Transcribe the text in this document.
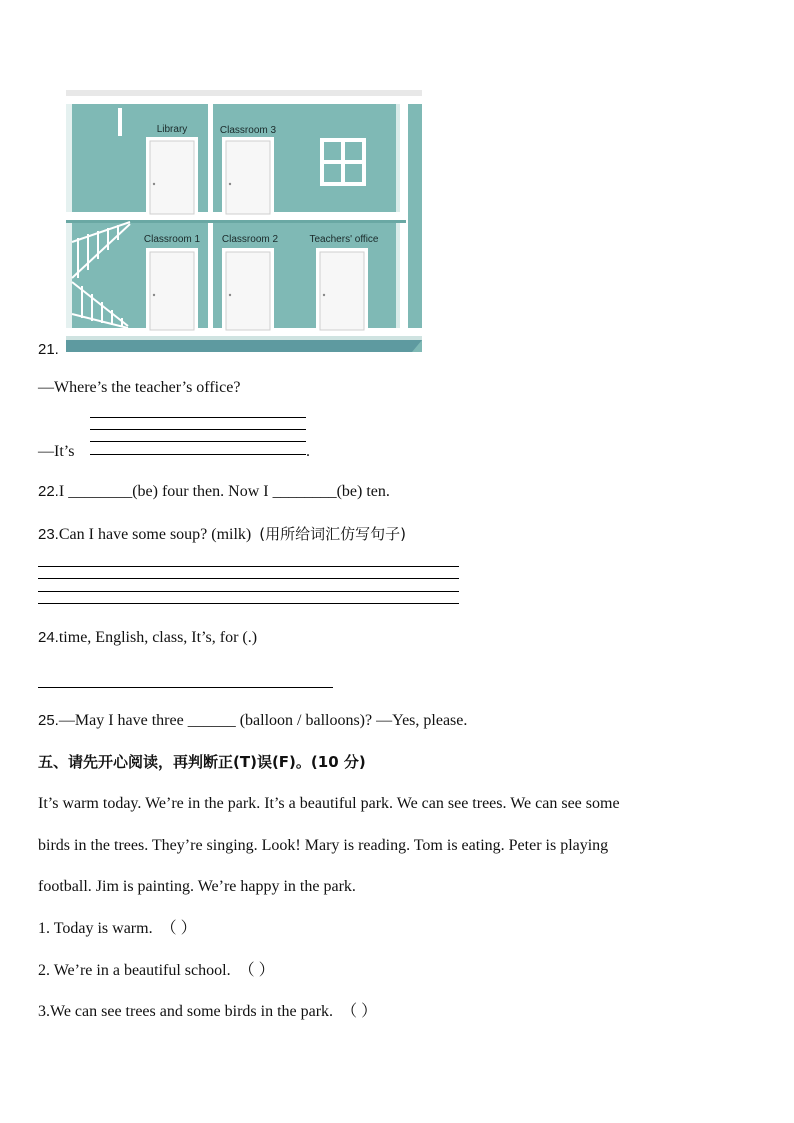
Library	Classroom 3
Classroom 1 Classroom 2	Teachers' office
21.
—Where’s the teacher’s office?
—It’s	.
22.I ________(be) four then. Now I ________(be) ten.
23.Can I have some soup? (milk) (用所给词汇仿写句子)
24.time, English, class, It’s, for (.)
25.—May I have three ______ (balloon / balloons)? —Yes, please.
五、请先开心阅读，再判断正(T)误(F)。(10 分)
It’s warm today. We’re in the park. It’s a beautiful park. We can see trees. We can see some
birds in the trees. They’re singing. Look! Mary is reading. Tom is eating. Peter is playing
football. Jim is painting. We’re happy in the park.
1. Today is warm. （ ）
2. We’re in a beautiful school. （ ）
3.We can see trees and some birds in the park. （ ）
